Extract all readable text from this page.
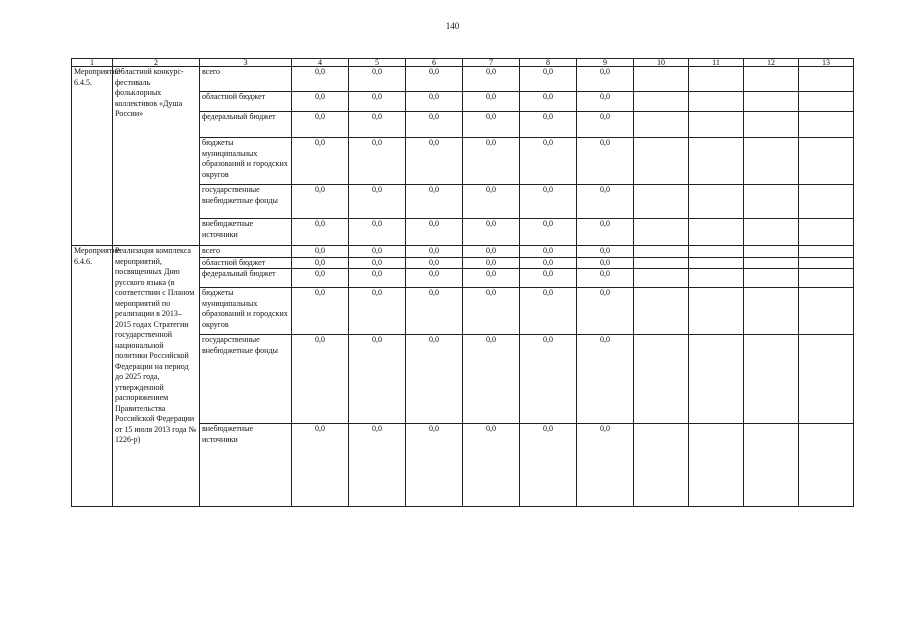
140
1	2	3	4	5	6	7	8	9	10	11	12	13
Мероприятие 6.4.5.	Областной конкурс-фестиваль фольклорных коллективов «Душа России»	всего	0,0	0,0	0,0	0,0	0,0	0,0				
		областной бюджет	0,0	0,0	0,0	0,0	0,0	0,0				
		федеральный бюджет	0,0	0,0	0,0	0,0	0,0	0,0				
		бюджеты муниципальных образований и городских округов	0,0	0,0	0,0	0,0	0,0	0,0				
		государственные внебюджетные фонды	0,0	0,0	0,0	0,0	0,0	0,0				
		внебюджетные источники	0,0	0,0	0,0	0,0	0,0	0,0				
Мероприятие 6.4.6.	Реализация комплекса мероприятий, посвященных Дню русского языка (в соответствии с Планом мероприятий по реализации в 2013–2015 годах Стратегии государственной национальной политики Российской Федерации на период до 2025 года, утвержденной распоряжением Правительства Российской Федерации от 15 июля 2013 года № 1226-р)	всего	0,0	0,0	0,0	0,0	0,0	0,0				
		областной бюджет	0,0	0,0	0,0	0,0	0,0	0,0				
		федеральный бюджет	0,0	0,0	0,0	0,0	0,0	0,0				
		бюджеты муниципальных образований и городских округов	0,0	0,0	0,0	0,0	0,0	0,0				
		государственные внебюджетные фонды	0,0	0,0	0,0	0,0	0,0	0,0				
		внебюджетные источники	0,0	0,0	0,0	0,0	0,0	0,0				
